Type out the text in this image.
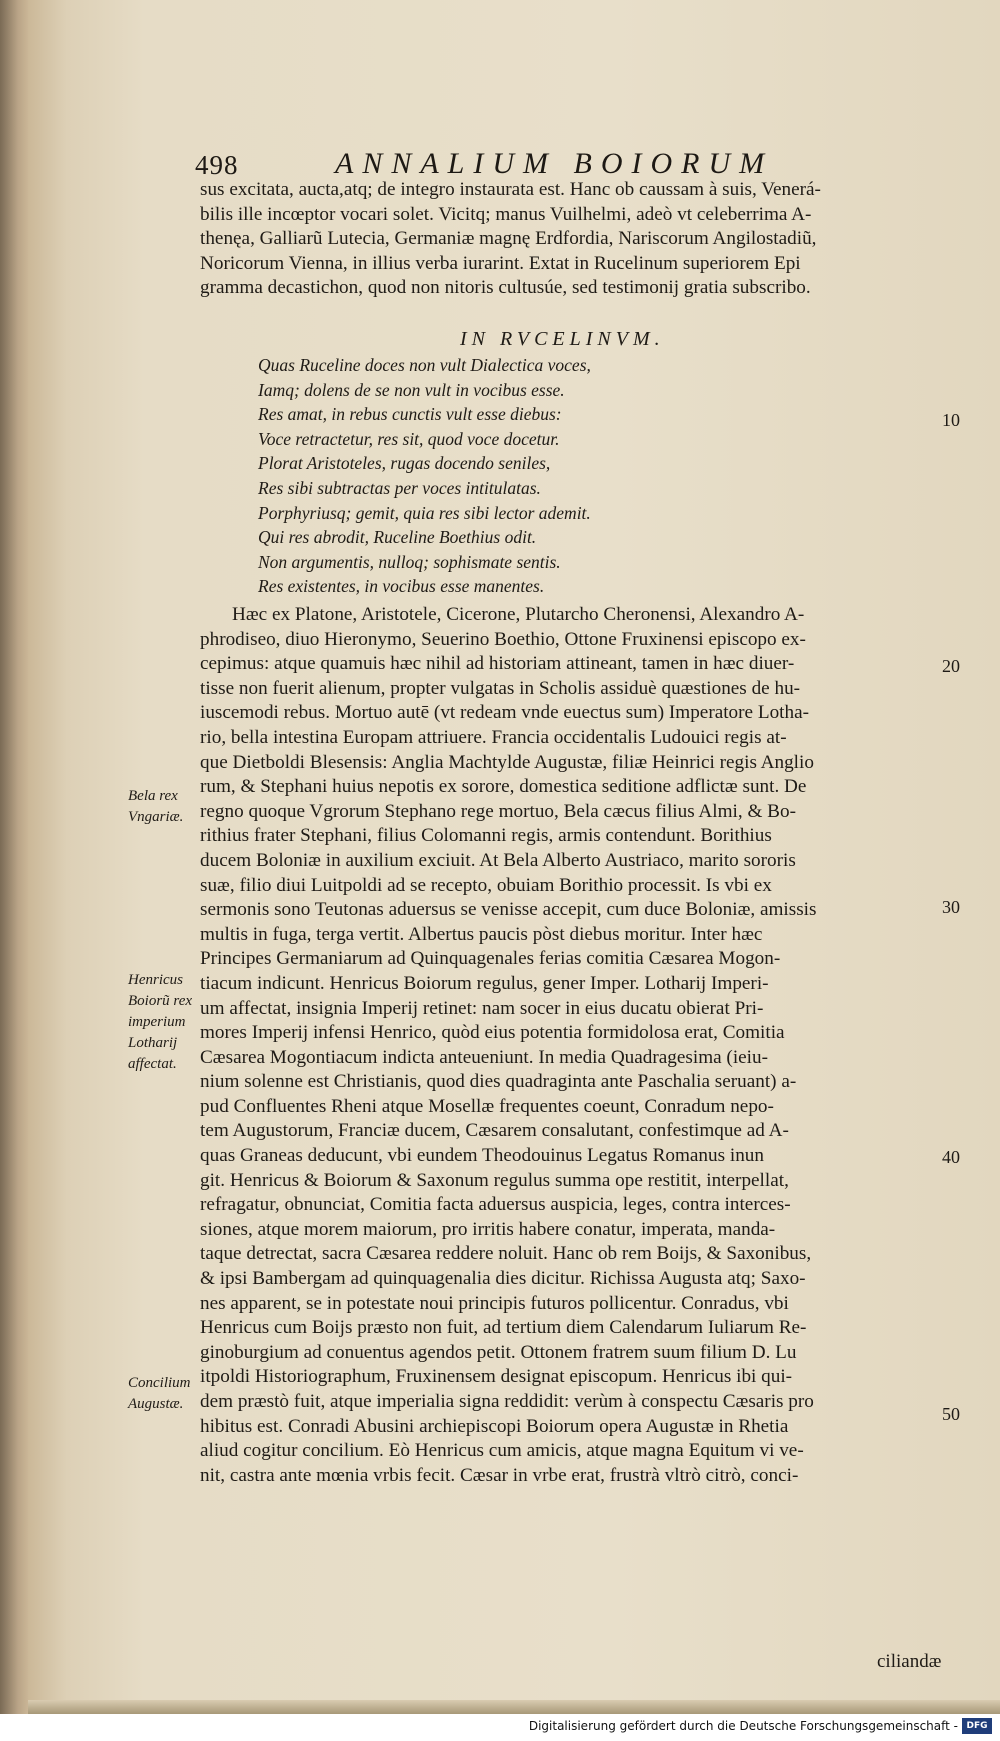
498	ANNALIUM BOIORUM
sus excitata, aucta,atq; de integro instaurata est. Hanc ob caussam à suis, Venerá-
bilis ille incœptor vocari solet. Vicitq; manus Vuilhelmi, adeò vt celeberrima A-
thenęa, Galliarũ Lutecia, Germaniæ magnę Erdfordia, Nariscorum Angilostadiũ,
Noricorum Vienna, in illius verba iurarint. Extat in Rucelinum superiorem Epi
gramma decastichon, quod non nitoris cultusúe, sed testimonij gratia subscribo.
IN RVCELINVM.
Quas Ruceline doces non vult Dialectica voces,
Iamq; dolens de se non vult in vocibus esse.
Res amat, in rebus cunctis vult esse diebus:
Voce retractetur, res sit, quod voce docetur.
Plorat Aristoteles, rugas docendo seniles,
Res sibi subtractas per voces intitulatas.
Porphyriusq; gemit, quia res sibi lector ademit.
Qui res abrodit, Ruceline Boethius odit.
Non argumentis, nulloq; sophismate sentis.
Res existentes, in vocibus esse manentes.
Hæc ex Platone, Aristotele, Cicerone, Plutarcho Cheronensi, Alexandro A-
phrodiseo, diuo Hieronymo, Seuerino Boethio, Ottone Fruxinensi episcopo ex-
cepimus: atque quamuis hæc nihil ad historiam attineant, tamen in hæc diuer-
tisse non fuerit alienum, propter vulgatas in Scholis assiduè quæstiones de hu-
iuscemodi rebus. Mortuo autē (vt redeam vnde euectus sum) Imperatore Lotha-
rio, bella intestina Europam attriuere. Francia occidentalis Ludouici regis at-
que Dietboldi Blesensis: Anglia Machtylde Augustæ, filiæ Heinrici regis Anglio
rum, & Stephani huius nepotis ex sorore, domestica seditione adflictæ sunt. De
regno quoque Vgrorum Stephano rege mortuo, Bela cæcus filius Almi, & Bo-
rithius frater Stephani, filius Colomanni regis, armis contendunt. Borithius
ducem Boloniæ in auxilium exciuit. At Bela Alberto Austriaco, marito sororis
suæ, filio diui Luitpoldi ad se recepto, obuiam Borithio processit. Is vbi ex
sermonis sono Teutonas aduersus se venisse accepit, cum duce Boloniæ, amissis
multis in fuga, terga vertit. Albertus paucis pòst diebus moritur. Inter hæc
Principes Germaniarum ad Quinquagenales ferias comitia Cæsarea Mogon-
tiacum indicunt. Henricus Boiorum regulus, gener Imper. Lotharij Imperi-
um affectat, insignia Imperij retinet: nam socer in eius ducatu obierat Pri-
mores Imperij infensi Henrico, quòd eius potentia formidolosa erat, Comitia
Cæsarea Mogontiacum indicta anteueniunt. In media Quadragesima (ieiu-
nium solenne est Christianis, quod dies quadraginta ante Paschalia seruant) a-
pud Confluentes Rheni atque Mosellæ frequentes coeunt, Conradum nepo-
tem Augustorum, Franciæ ducem, Cæsarem consalutant, confestimque ad A-
quas Graneas deducunt, vbi eundem Theodouinus Legatus Romanus inun
git. Henricus & Boiorum & Saxonum regulus summa ope restitit, interpellat,
refragatur, obnunciat, Comitia facta aduersus auspicia, leges, contra interces-
siones, atque morem maiorum, pro irritis habere conatur, imperata, manda-
taque detrectat, sacra Cæsarea reddere noluit. Hanc ob rem Boijs, & Saxonibus,
& ipsi Bambergam ad quinquagenalia dies dicitur. Richissa Augusta atq; Saxo-
nes apparent, se in potestate noui principis futuros pollicentur. Conradus, vbi
Henricus cum Boijs præsto non fuit, ad tertium diem Calendarum Iuliarum Re-
ginoburgium ad conuentus agendos petit. Ottonem fratrem suum filium D. Lu
itpoldi Historiographum, Fruxinensem designat episcopum. Henricus ibi qui-
dem præstò fuit, atque imperialia signa reddidit: verùm à conspectu Cæsaris pro
hibitus est. Conradi Abusini archiepiscopi Boiorum opera Augustæ in Rhetia
aliud cogitur concilium. Eò Henricus cum amicis, atque magna Equitum vi ve-
nit, castra ante mœnia vrbis fecit. Cæsar in vrbe erat, frustrà vltrò citrò, conci-
ciliandæ
Bela rex
Vngariæ.
Henricus
Boiorũ rex
imperium
Lotharij
affectat.
Concilium
Augustæ.
10
20
30
40
50
Digitalisierung gefördert durch die Deutsche Forschungsgemeinschaft - DFG
